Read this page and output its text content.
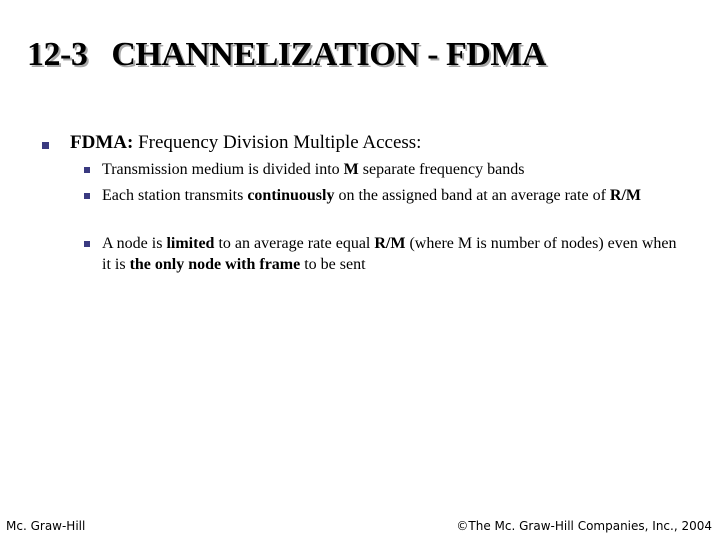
12-3   CHANNELIZATION - FDMA
FDMA: Frequency Division Multiple Access:
Transmission medium is divided into M separate frequency bands
Each station transmits continuously on the assigned band at an average rate of R/M
A node is limited to an average rate equal R/M (where M is number of nodes) even when it is the only node with frame to be sent
Mc. Graw-Hill	©The Mc. Graw-Hill Companies, Inc., 2004
